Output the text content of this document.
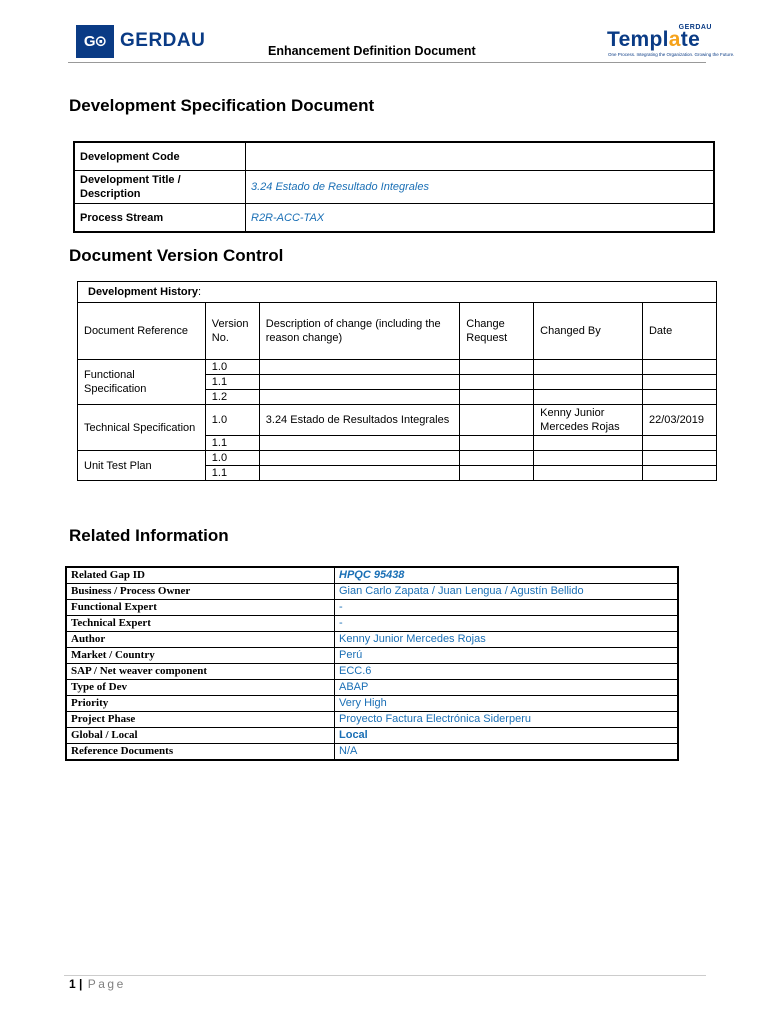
G ⊙ GERDAU	Enhancement Definition Document
GERDAU
Template
One Process. Integrating the Organization. Growing the Future.
Development Specification Document
Development Code	
Development Title / Description	3.24 Estado de Resultado Integrales
Process Stream	R2R-ACC-TAX
Document Version Control
Development History:					
Document Reference	Version No.	Description of change (including the reason change)	Change Request	Changed By	Date
Functional Specification	1.0				
	1.1				
	1.2				
Technical Specification	1.0	3.24 Estado de Resultados Integrales		Kenny Junior Mercedes Rojas	22/03/2019
	1.1				
Unit Test Plan	1.0				
	1.1				
Related Information
Related Gap ID	HPQC 95438
Business / Process Owner	Gian Carlo Zapata / Juan Lengua / Agustín Bellido
Functional Expert	-
Technical Expert	-
Author	Kenny Junior Mercedes Rojas
Market / Country	Perú
SAP / Net weaver component	ECC.6
Type of Dev	ABAP
Priority	Very High
Project Phase	Proyecto Factura Electrónica Siderperu
Global / Local	Local
Reference Documents	N/A
1 | Page
